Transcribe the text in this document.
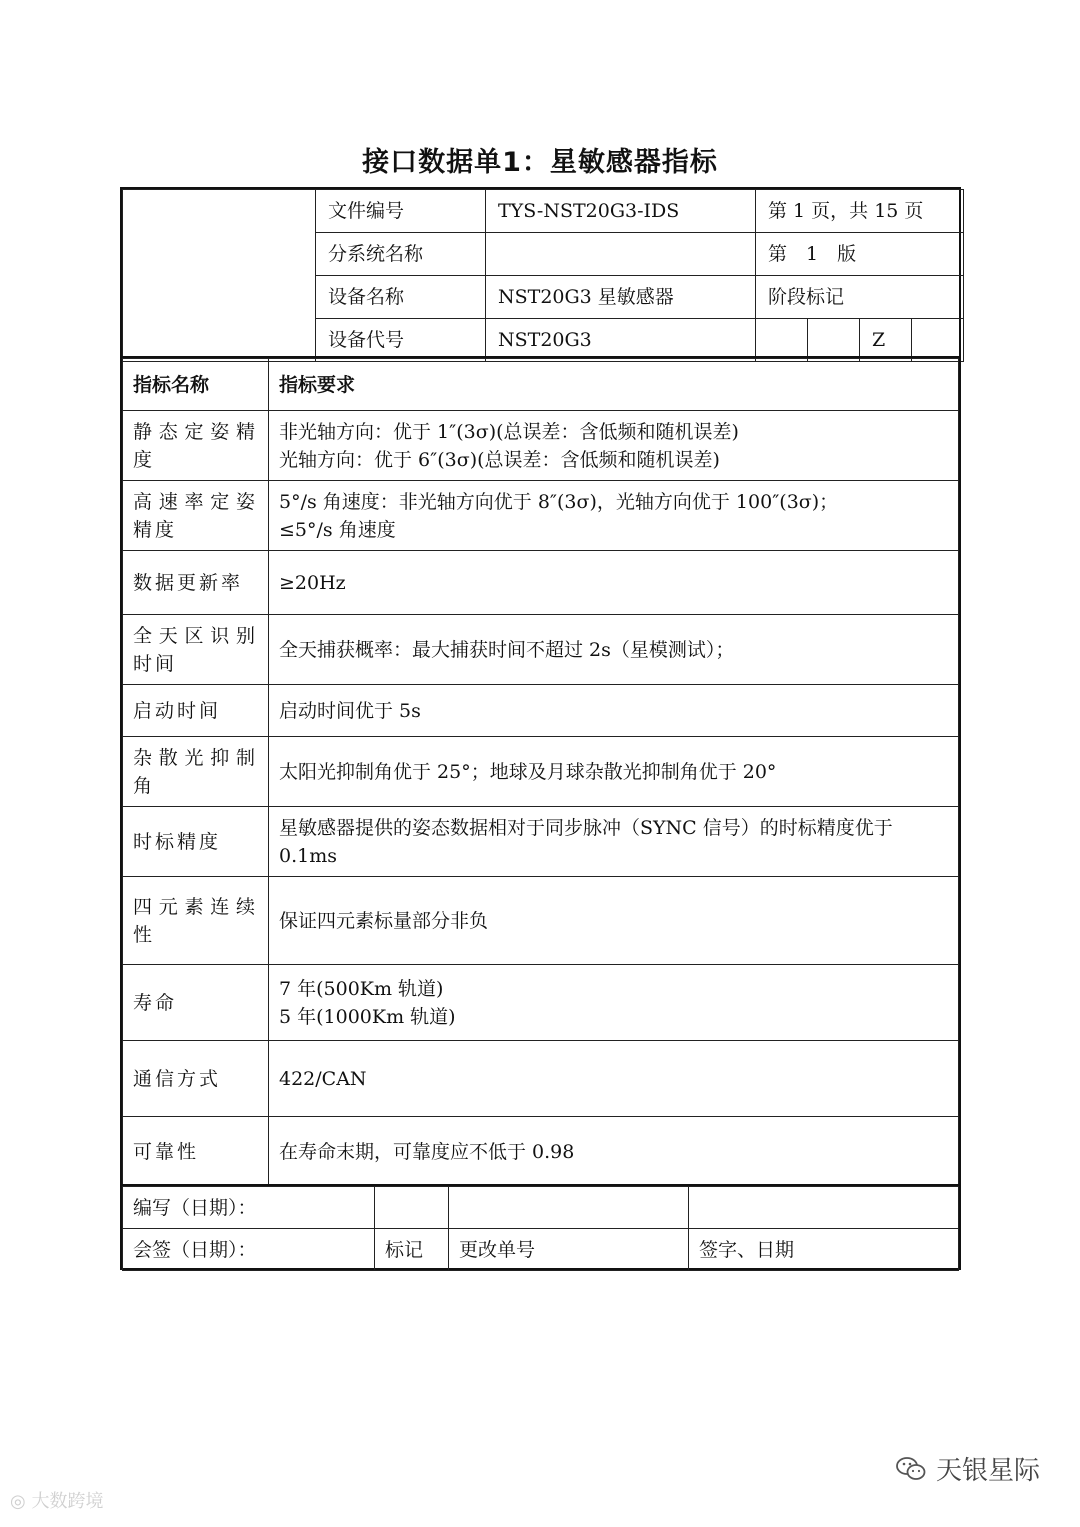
接口数据单1：星敏感器指标
	文件编号	TYS-NST20G3-IDS	第 1 页，共 15 页			
	分系统名称		第　1　版			
	设备名称	NST20G3 星敏感器	阶段标记			
	设备代号	NST20G3			Z	
指标名称	指标要求
静态定姿精度	非光轴方向：优于 1″(3σ)(总误差：含低频和随机误差)
光轴方向：优于 6″(3σ)(总误差：含低频和随机误差)

高速率定姿精度	5°/s 角速度：非光轴方向优于 8″(3σ)，光轴方向优于 100″(3σ)；
≤5°/s 角速度

数据更新率	≥20Hz
全天区识别时间	全天捕获概率：最大捕获时间不超过 2s（星模测试）；
启动时间	启动时间优于 5s
杂散光抑制角	太阳光抑制角优于 25°；地球及月球杂散光抑制角优于 20°
时标精度	星敏感器提供的姿态数据相对于同步脉冲（SYNC 信号）的时标精度优于 0.1ms
四元素连续性	保证四元素标量部分非负
寿命	7 年(500Km 轨道)
5 年(1000Km 轨道)

通信方式	422/CAN
可靠性	在寿命末期，可靠度应不低于 0.98
编写（日期）：			
会签（日期）：	标记	更改单号	签字、日期
◎ 大数跨境
天银星际
